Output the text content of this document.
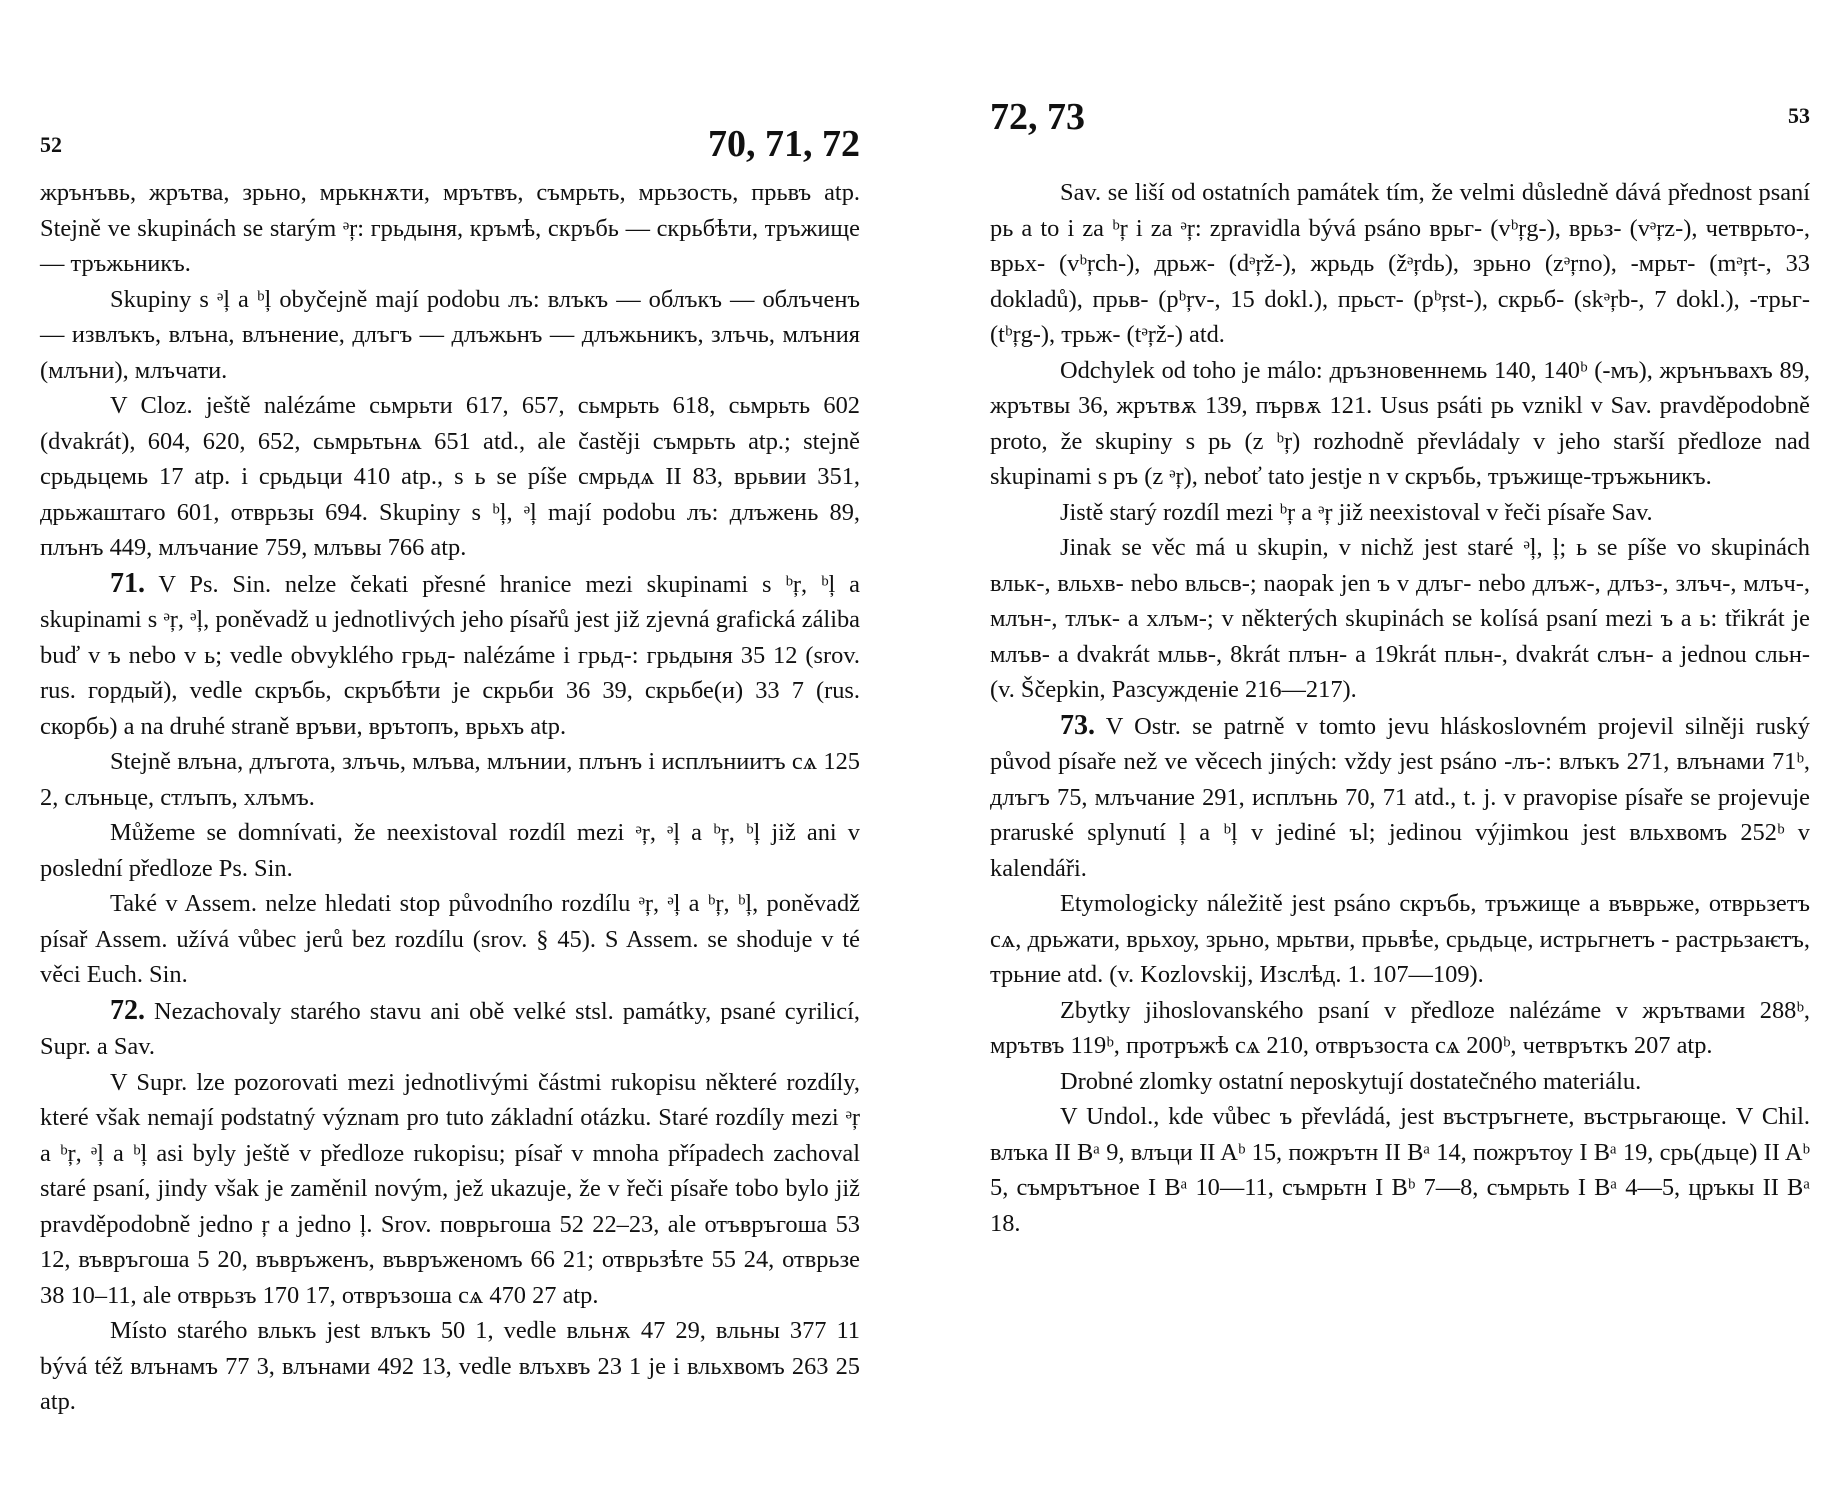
52	70, 71, 72

жрънъвь, жрътва, зрьно, мрькнѫти, мрътвъ, съмрьть, мрьзость, прьвъ atp. Stejně ve skupinách se starým ᵊŗ: грьдыня, кръмѣ, скръбь — скрьбѣти, тръжище — тръжьникъ.

Skupiny s ᵊļ a ᵇļ obyčejně mají podobu лъ: влъкъ — облъкъ — облъченъ — извлъкъ, влъна, влънение, длъгъ — длъжьнъ — длъжьникъ, злъчь, млъния (млъни), млъчати.

V Cloz. ještě nalézáme сьмрьти 617, 657, сьмрьть 618, сьмрьть 602 (dvakrát), 604, 620, 652, сьмрьтьнѧ 651 atd., ale častěji съмрьть atp.; stejně срьдьцемь 17 atp. i срьдьци 410 atp., s ь se píše смрьдѧ II 83, врьвии 351, дрьжаштаго 601, отврьзы 694. Skupiny s ᵇļ, ᵊļ mají podobu лъ: длъжень 89, плънъ 449, млъчание 759, млъвы 766 atp.

71. V Ps. Sin. nelze čekati přesné hranice mezi skupinami s ᵇŗ, ᵇļ a skupinami s ᵊŗ, ᵊļ, poněvadž u jednotlivých jeho písařů jest již zjevná grafická záliba buď v ъ nebo v ь; vedle obvyklého грьд- nalézáme i грьд-: грьдыня 35 12 (srov. rus. гордый), vedle скръбь, скръбѣти je скрьби 36 39, скрьбе(и) 33 7 (rus. скорбь) a na druhé straně връви, врътопъ, врьхъ atp.

Stejně влъна, длъгота, злъчь, млъва, млънии, плънъ i исплъниитъ сѧ 125 2, слъньце, стлъпъ, хлъмъ.

Můžeme se domnívati, že neexistoval rozdíl mezi ᵊŗ, ᵊļ a ᵇŗ, ᵇļ již ani v poslední předloze Ps. Sin.

Také v Assem. nelze hledati stop původního rozdílu ᵊŗ, ᵊļ a ᵇŗ, ᵇļ, poněvadž písař Assem. užívá vůbec jerů bez rozdílu (srov. § 45). S Assem. se shoduje v té věci Euch. Sin.

72. Nezachovaly starého stavu ani obě velké stsl. památky, psané cyrilicí, Supr. a Sav.

V Supr. lze pozorovati mezi jednotlivými částmi rukopisu některé rozdíly, které však nemají podstatný význam pro tuto základní otázku. Staré rozdíly mezi ᵊŗ a ᵇŗ, ᵊļ a ᵇļ asi byly ještě v předloze rukopisu; písař v mnoha případech zachoval staré psaní, jindy však je zaměnil novým, jež ukazuje, že v řeči písaře tobo bylo již pravděpodobně jedno ŗ a jedno ļ. Srov. поврьгоша 52 22–23, ale отъвръгоша 53 12, въвръгоша 5 20, въвръженъ, въвръженомъ 66 21; отврьзѣте 55 24, отврьзе 38 10–11, ale отврьзъ 170 17, отвръзоша сѧ 470 27 atp.

Místo starého влькъ jest влъкъ 50 1, vedle вльнѫ 47 29, вльны 377 11 bývá též влънамъ 77 3, влънами 492 13, vedle влъхвъ 23 1 je i вльхвомъ 263 25 atp.

72, 73	53

Sav. se liší od ostatních památek tím, že velmi důsledně dává přednost psaní рь a to i za ᵇŗ i za ᵊŗ: zpravidla bývá psáno врьг- (vᵇŗg-), врьз- (vᵊŗz-), четврьто-, врьх- (vᵇŗch-), дрьж- (dᵊŗž-), жрьдь (žᵊŗdь), зрьно (zᵊŗno), -мрьт- (mᵊŗt-, 33 dokladů), прьв- (pᵇŗv-, 15 dokl.), прьст- (pᵇŗst-), скрьб- (skᵊŗb-, 7 dokl.), -трьг- (tᵇŗg-), трьж- (tᵊŗž-) atd.

Odchylek od toho je málo: дръзновеннемь 140, 140ᵇ (-мъ), жрънъвахъ 89, жрътвы 36, жрътвѫ 139, първѫ 121. Usus psáti рь vznikl v Sav. pravděpodobně proto, že skupiny s рь (z ᵇŗ) rozhodně převládaly v jeho starší předloze nad skupinami s ръ (z ᵊŗ), neboť tato jestje n v скръбь, тръжище-тръжьникъ.

Jistě starý rozdíl mezi ᵇŗ a ᵊŗ již neexistoval v řeči písaře Sav.

Jinak se věc má u skupin, v nichž jest staré ᵊļ, ļ; ь se píše vo skupinách вльк-, вльхв- nebo вльсв-; naopak jen ъ v длъг- nebo длъж-, длъз-, злъч-, млъч-, млън-, тлък- a хлъм-; v některých skupinách se kolísá psaní mezi ъ a ь: třikrát je млъв- a dvakrát мльв-, 8krát плън- a 19krát пльн-, dvakrát слън- a jednou сльн- (v. Ščepkin, Разсужденіе 216—217).

73. V Ostr. se patrně v tomto jevu hláskoslovném projevil silněji ruský původ písaře než ve věcech jiných: vždy jest psáno -лъ-: влъкъ 271, влънами 71ᵇ, длъгъ 75, млъчание 291, исплънь 70, 71 atd., t. j. v pravopise písaře se projevuje praruské splynutí ļ a ᵇļ v jediné ъl; jedinou výjimkou jest вльхвомъ 252ᵇ v kalendáři.

Etymologicky náležitě jest psáno скръбь, тръжище a въврьже, отврьзетъ сѧ, дрьжати, врьхоу, зрьно, мрьтви, прьвѣе, срьдьце, истрьгнетъ - растрьзаѥтъ, трьние atd. (v. Kozlovskij, Изслѣд. 1. 107—109).

Zbytky jihoslovanského psaní v předloze nalézáme v жрътвами 288ᵇ, мрътвъ 119ᵇ, протръжѣ сѧ 210, отвръзоста сѧ 200ᵇ, четвръткъ 207 atp.

Drobné zlomky ostatní neposkytují dostatečného materiálu.

V Undol., kde vůbec ъ převládá, jest въстръгнете, въстрьгающе. V Chil. влъка II Bᵃ 9, влъци II Aᵇ 15, пожрътн II Bᵃ 14, пожрътоу I Bᵃ 19, срь(дьце) II Aᵇ 5, съмрътъное I Bᵃ 10—11, съмрьтн I Bᵇ 7—8, съмрьть I Bᵃ 4—5, цръкы II Bᵃ 18.
